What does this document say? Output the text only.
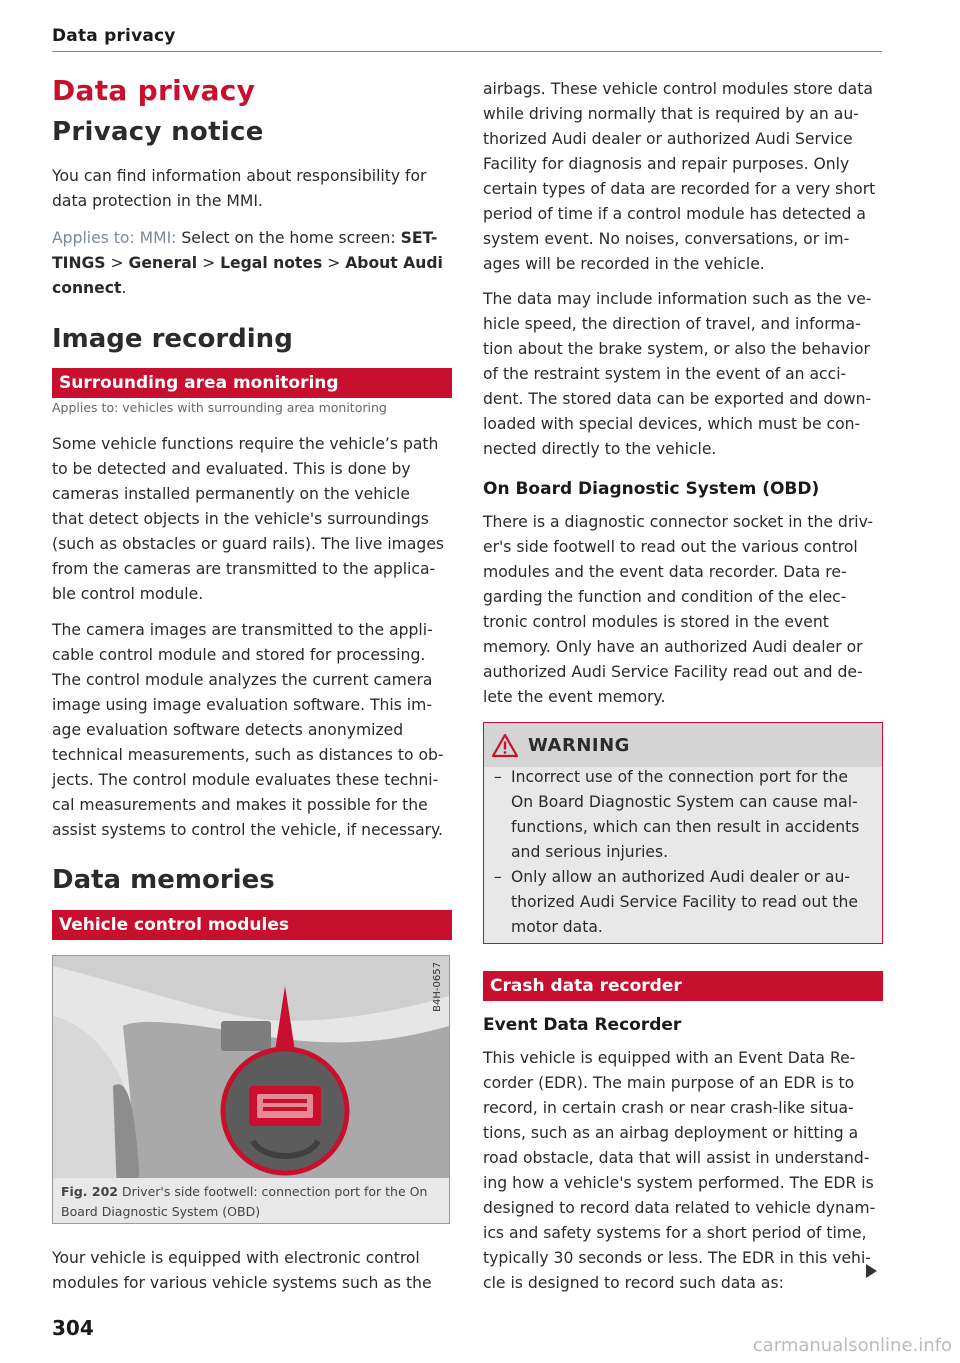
Data privacy
Data privacy
Privacy notice
You can find information about responsibility for data protection in the MMI.
Applies to: MMI: Select on the home screen: SET-
TINGS > General > Legal notes > About Audi
connect.
Image recording
Surrounding area monitoring
Applies to: vehicles with surrounding area monitoring
Some vehicle functions require the vehicle’s path
to be detected and evaluated. This is done by
cameras installed permanently on the vehicle
that detect objects in the vehicle's surroundings
(such as obstacles or guard rails). The live images
from the cameras are transmitted to the applica-
ble control module.
The camera images are transmitted to the appli-
cable control module and stored for processing.
The control module analyzes the current camera
image using image evaluation software. This im-
age evaluation software detects anonymized
technical measurements, such as distances to ob-
jects. The control module evaluates these techni-
cal measurements and makes it possible for the
assist systems to control the vehicle, if necessary.
Data memories
Vehicle control modules
B4H-0657
Fig. 202 Driver's side footwell: connection port for the On Board Diagnostic System (OBD)
Your vehicle is equipped with electronic control
modules for various vehicle systems such as the
airbags. These vehicle control modules store data
while driving normally that is required by an au-
thorized Audi dealer or authorized Audi Service
Facility for diagnosis and repair purposes. Only
certain types of data are recorded for a very short
period of time if a control module has detected a
system event. No noises, conversations, or im-
ages will be recorded in the vehicle.
The data may include information such as the ve-
hicle speed, the direction of travel, and informa-
tion about the brake system, or also the behavior
of the restraint system in the event of an acci-
dent. The stored data can be exported and down-
loaded with special devices, which must be con-
nected directly to the vehicle.
On Board Diagnostic System (OBD)
There is a diagnostic connector socket in the driv-
er's side footwell to read out the various control
modules and the event data recorder. Data re-
garding the function and condition of the elec-
tronic control modules is stored in the event
memory. Only have an authorized Audi dealer or
authorized Audi Service Facility read out and de-
lete the event memory.
WARNING
– Incorrect use of the connection port for the
On Board Diagnostic System can cause mal-
functions, which can then result in accidents
and serious injuries.
– Only allow an authorized Audi dealer or au-
thorized Audi Service Facility to read out the
motor data.
Crash data recorder
Event Data Recorder
This vehicle is equipped with an Event Data Re-
corder (EDR). The main purpose of an EDR is to
record, in certain crash or near crash-like situa-
tions, such as an airbag deployment or hitting a
road obstacle, data that will assist in understand-
ing how a vehicle's system performed. The EDR is
designed to record data related to vehicle dynam-
ics and safety systems for a short period of time,
typically 30 seconds or less. The EDR in this vehi-
cle is designed to record such data as:
304
carmanualsonline.info
